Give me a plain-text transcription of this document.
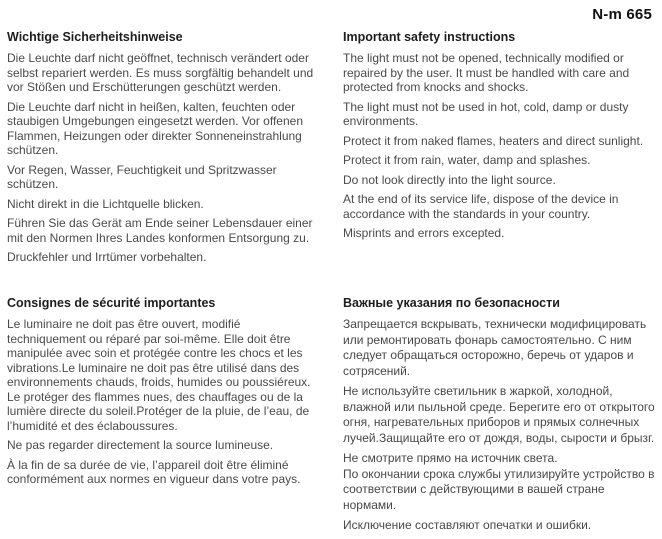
N-m 665
Wichtige Sicherheitshinweise

Die Leuchte darf nicht geöffnet, technisch verändert oder selbst repariert werden. Es muss sorgfältig behandelt und vor Stößen und Erschütterungen geschützt werden.

Die Leuchte darf nicht in heißen, kalten, feuchten oder staubigen Umgebungen eingesetzt werden. Vor offenen Flammen, Heizungen oder direkter Sonneneinstrahlung schützen.

Vor Regen, Wasser, Feuchtigkeit und Spritzwasser schützen.

Nicht direkt in die Lichtquelle blicken.

Führen Sie das Gerät am Ende seiner Lebensdauer einer mit den Normen Ihres Landes konformen Entsorgung zu.

Druckfehler und Irrtümer vorbehalten.

Important safety instructions

The light must not be opened, technically modified or repaired by the user. It must be handled with care and protected from knocks and shocks.

The light must not be used in hot, cold, damp or dusty environments.

Protect it from naked flames, heaters and direct sunlight.

Protect it from rain, water, damp and splashes.

Do not look directly into the light source.

At the end of its service life, dispose of the device in accordance with the standards in your country.

Misprints and errors excepted.

Consignes de sécurité importantes

Le luminaire ne doit pas être ouvert, modifié techniquement ou réparé par soi-même. Elle doit être manipulée avec soin et protégée contre les chocs et les vibrations.Le luminaire ne doit pas être utilisé dans des environnements chauds, froids, humides ou poussiéreux. Le protéger des flammes nues, des chauffages ou de la lumière directe du soleil.Protéger de la pluie, de l’eau, de l’humidité et des éclaboussures.

Ne pas regarder directement la source lumineuse.

À la fin de sa durée de vie, l’appareil doit être éliminé conformément aux normes en vigueur dans votre pays.

Важные указания по безопасности

Запрещается вскрывать, технически модифицировать или ремонтировать фонарь самостоятельно. С ним следует обращаться осторожно, беречь от ударов и сотрясений.

Не используйте светильник в жаркой, холодной, влажной или пыльной среде. Берегите его от открытого огня, нагревательных приборов и прямых солнечных лучей.Защищайте его от дождя, воды, сырости и брызг.

Не смотрите прямо на источник света.

По окончании срока службы утилизируйте устройство в соответствии с действующими в вашей стране нормами.

Исключение составляют опечатки и ошибки.
